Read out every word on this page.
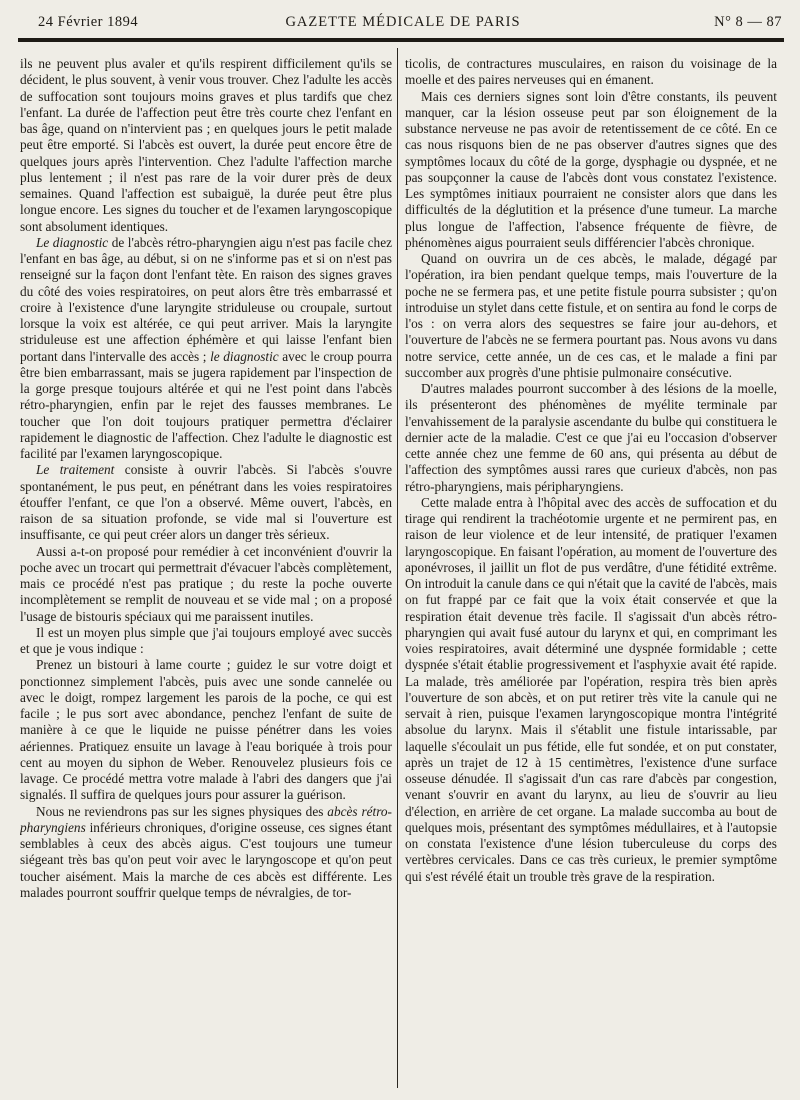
24 Février 1894	GAZETTE MÉDICALE DE PARIS	N° 8 — 87

ils ne peuvent plus avaler et qu'ils respirent difficilement qu'ils se décident, le plus souvent, à venir vous trouver. Chez l'adulte les accès de suffocation sont toujours moins graves et plus tardifs que chez l'enfant. La durée de l'affection peut être très courte chez l'enfant en bas âge, quand on n'intervient pas ; en quelques jours le petit malade peut être emporté. Si l'abcès est ouvert, la durée peut encore être de quelques jours après l'intervention. Chez l'adulte l'affection marche plus lentement ; il n'est pas rare de la voir durer près de deux semaines. Quand l'affection est subaiguë, la durée peut être plus longue encore. Les signes du toucher et de l'examen laryngoscopique sont absolument identiques.

Le diagnostic de l'abcès rétro-pharyngien aigu n'est pas facile chez l'enfant en bas âge, au début, si on ne s'informe pas et si on n'est pas renseigné sur la façon dont l'enfant tète. En raison des signes graves du côté des voies respiratoires, on peut alors être très embarrassé et croire à l'existence d'une laryngite striduleuse ou croupale, surtout lorsque la voix est altérée, ce qui peut arriver. Mais la laryngite striduleuse est une affection éphémère et qui laisse l'enfant bien portant dans l'intervalle des accès ; le diagnostic avec le croup pourra être bien embarrassant, mais se jugera rapidement par l'inspection de la gorge presque toujours altérée et qui ne l'est point dans l'abcès rétro-pharyngien, enfin par le rejet des fausses membranes. Le toucher que l'on doit toujours pratiquer permettra d'éclairer rapidement le diagnostic de l'affection. Chez l'adulte le diagnostic est facilité par l'examen laryngoscopique.

Le traitement consiste à ouvrir l'abcès. Si l'abcès s'ouvre spontanément, le pus peut, en pénétrant dans les voies respiratoires étouffer l'enfant, ce que l'on a observé. Même ouvert, l'abcès, en raison de sa situation profonde, se vide mal si l'ouverture est insuffisante, ce qui peut créer alors un danger très sérieux.

Aussi a-t-on proposé pour remédier à cet inconvénient d'ouvrir la poche avec un trocart qui permettrait d'évacuer l'abcès complètement, mais ce procédé n'est pas pratique ; du reste la poche ouverte incomplètement se remplit de nouveau et se vide mal ; on a proposé l'usage de bistouris spéciaux qui me paraissent inutiles.

Il est un moyen plus simple que j'ai toujours employé avec succès et que je vous indique :

Prenez un bistouri à lame courte ; guidez le sur votre doigt et ponctionnez simplement l'abcès, puis avec une sonde cannelée ou avec le doigt, rompez largement les parois de la poche, ce qui est facile ; le pus sort avec abondance, penchez l'enfant de suite de manière à ce que le liquide ne puisse pénétrer dans les voies aériennes. Pratiquez ensuite un lavage à l'eau boriquée à trois pour cent au moyen du siphon de Weber. Renouvelez plusieurs fois ce lavage. Ce procédé mettra votre malade à l'abri des dangers que j'ai signalés. Il suffira de quelques jours pour assurer la guérison.

Nous ne reviendrons pas sur les signes physiques des abcès rétro-pharyngiens inférieurs chroniques, d'origine osseuse, ces signes étant semblables à ceux des abcès aigus. C'est toujours une tumeur siégeant très bas qu'on peut voir avec le laryngoscope et qu'on peut toucher aisément. Mais la marche de ces abcès est différente. Les malades pourront souffrir quelque temps de névralgies, de tor-

ticolis, de contractures musculaires, en raison du voisinage de la moelle et des paires nerveuses qui en émanent.

Mais ces derniers signes sont loin d'être constants, ils peuvent manquer, car la lésion osseuse peut par son éloignement de la substance nerveuse ne pas avoir de retentissement de ce côté. En ce cas nous risquons bien de ne pas observer d'autres signes que des symptômes locaux du côté de la gorge, dysphagie ou dyspnée, et ne pas soupçonner la cause de l'abcès dont vous constatez l'existence. Les symptômes initiaux pourraient ne consister alors que dans les difficultés de la déglutition et la présence d'une tumeur. La marche plus longue de l'affection, l'absence fréquente de fièvre, de phénomènes aigus pourraient seuls différencier l'abcès chronique.

Quand on ouvrira un de ces abcès, le malade, dégagé par l'opération, ira bien pendant quelque temps, mais l'ouverture de la poche ne se fermera pas, et une petite fistule pourra subsister ; qu'on introduise un stylet dans cette fistule, et on sentira au fond le corps de l'os : on verra alors des sequestres se faire jour au-dehors, et l'ouverture de l'abcès ne se fermera pourtant pas. Nous avons vu dans notre service, cette année, un de ces cas, et le malade a fini par succomber aux progrès d'une phtisie pulmonaire consécutive.

D'autres malades pourront succomber à des lésions de la moelle, ils présenteront des phénomènes de myélite terminale par l'envahissement de la paralysie ascendante du bulbe qui constituera le dernier acte de la maladie. C'est ce que j'ai eu l'occasion d'observer cette année chez une femme de 60 ans, qui présenta au début de l'affection des symptômes aussi rares que curieux d'abcès, non pas rétro-pharyngiens, mais péripharyngiens.

Cette malade entra à l'hôpital avec des accès de suffocation et du tirage qui rendirent la trachéotomie urgente et ne permirent pas, en raison de leur violence et de leur intensité, de pratiquer l'examen laryngoscopique. En faisant l'opération, au moment de l'ouverture des aponévroses, il jaillit un flot de pus verdâtre, d'une fétidité extrême. On introduit la canule dans ce qui n'était que la cavité de l'abcès, mais on fut frappé par ce fait que la voix était conservée et que la respiration était devenue très facile. Il s'agissait d'un abcès rétro-pharyngien qui avait fusé autour du larynx et qui, en comprimant les voies respiratoires, avait déterminé une dyspnée formidable ; cette dyspnée s'était établie progressivement et l'asphyxie avait été rapide. La malade, très améliorée par l'opération, respira très bien après l'ouverture de son abcès, et on put retirer très vite la canule qui ne servait à rien, puisque l'examen laryngoscopique montra l'intégrité absolue du larynx. Mais il s'établit une fistule intarissable, par laquelle s'écoulait un pus fétide, elle fut sondée, et on put constater, après un trajet de 12 à 15 centimètres, l'existence d'une surface osseuse dénudée. Il s'agissait d'un cas rare d'abcès par congestion, venant s'ouvrir en avant du larynx, au lieu de s'ouvrir au lieu d'élection, en arrière de cet organe. La malade succomba au bout de quelques mois, présentant des symptômes médullaires, et à l'autopsie on constata l'existence d'une lésion tuberculeuse du corps des vertèbres cervicales. Dans ce cas très curieux, le premier symptôme qui s'est révélé était un trouble très grave de la respiration.
